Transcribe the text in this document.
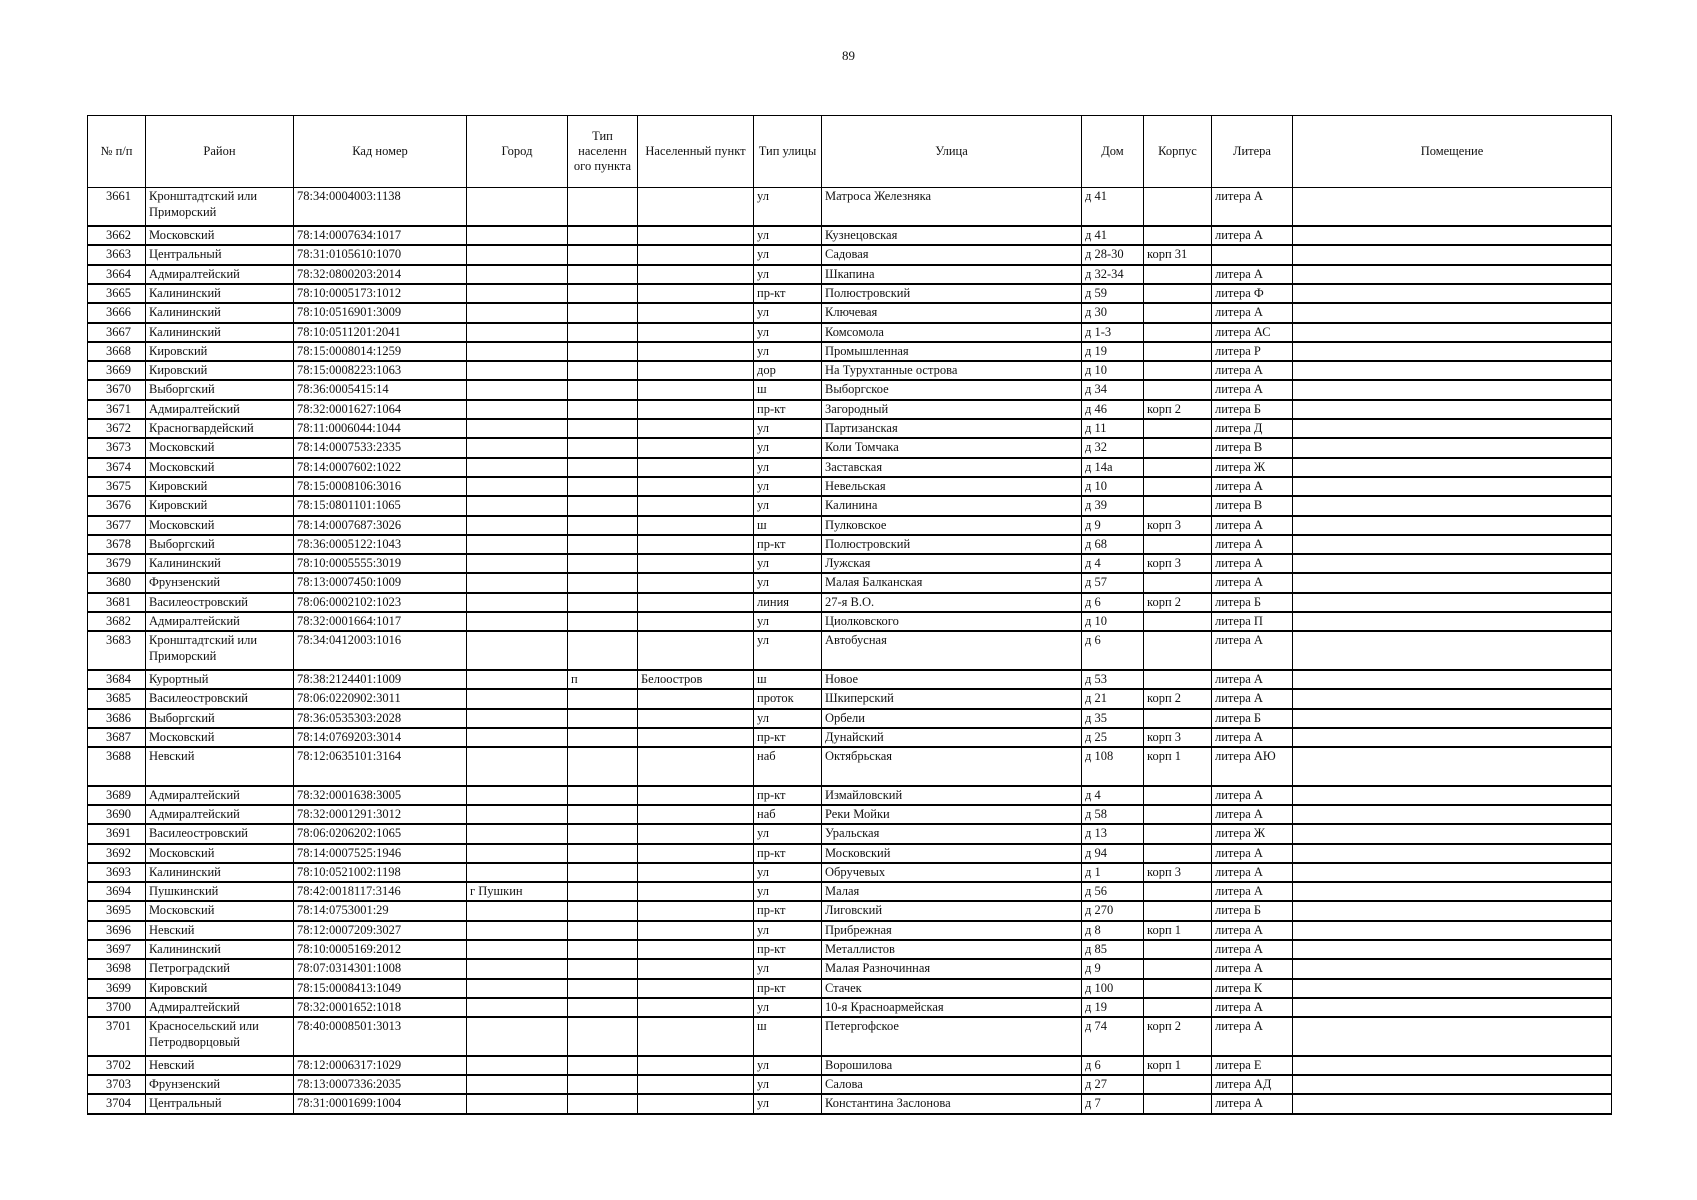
89
№ п/п	Район	Кад номер	Город	Тип населенн ого пункта	Населенный пункт	Тип улицы	Улица	Дом	Корпус	Литера	Помещение
3661	Кронштадтский или Приморский	78:34:0004003:1138				ул	Матроса Железняка	д 41		литера А	
3662	Московский	78:14:0007634:1017				ул	Кузнецовская	д 41		литера А	
3663	Центральный	78:31:0105610:1070				ул	Садовая	д 28-30	корп 31		
3664	Адмиралтейский	78:32:0800203:2014				ул	Шкапина	д 32-34		литера А	
3665	Калининский	78:10:0005173:1012				пр-кт	Полюстровский	д 59		литера Ф	
3666	Калининский	78:10:0516901:3009				ул	Ключевая	д 30		литера А	
3667	Калининский	78:10:0511201:2041				ул	Комсомола	д 1-3		литера АС	
3668	Кировский	78:15:0008014:1259				ул	Промышленная	д 19		литера Р	
3669	Кировский	78:15:0008223:1063				дор	На Турухтанные острова	д 10		литера А	
3670	Выборгский	78:36:0005415:14				ш	Выборгское	д 34		литера А	
3671	Адмиралтейский	78:32:0001627:1064				пр-кт	Загородный	д 46	корп 2	литера Б	
3672	Красногвардейский	78:11:0006044:1044				ул	Партизанская	д 11		литера Д	
3673	Московский	78:14:0007533:2335				ул	Коли Томчака	д 32		литера В	
3674	Московский	78:14:0007602:1022				ул	Заставская	д 14а		литера Ж	
3675	Кировский	78:15:0008106:3016				ул	Невельская	д 10		литера А	
3676	Кировский	78:15:0801101:1065				ул	Калинина	д 39		литера В	
3677	Московский	78:14:0007687:3026				ш	Пулковское	д 9	корп 3	литера А	
3678	Выборгский	78:36:0005122:1043				пр-кт	Полюстровский	д 68		литера А	
3679	Калининский	78:10:0005555:3019				ул	Лужская	д 4	корп 3	литера А	
3680	Фрунзенский	78:13:0007450:1009				ул	Малая Балканская	д 57		литера А	
3681	Василеостровский	78:06:0002102:1023				линия	27-я В.О.	д 6	корп 2	литера Б	
3682	Адмиралтейский	78:32:0001664:1017				ул	Циолковского	д 10		литера П	
3683	Кронштадтский или Приморский	78:34:0412003:1016				ул	Автобусная	д 6		литера А	
3684	Курортный	78:38:2124401:1009		п	Белоостров	ш	Новое	д 53		литера А	
3685	Василеостровский	78:06:0220902:3011				проток	Шкиперский	д 21	корп 2	литера А	
3686	Выборгский	78:36:0535303:2028				ул	Орбели	д 35		литера Б	
3687	Московский	78:14:0769203:3014				пр-кт	Дунайский	д 25	корп 3	литера А	
3688	Невский	78:12:0635101:3164				наб	Октябрьская	д 108	корп 1	литера АЮ	
3689	Адмиралтейский	78:32:0001638:3005				пр-кт	Измайловский	д 4		литера А	
3690	Адмиралтейский	78:32:0001291:3012				наб	Реки Мойки	д 58		литера А	
3691	Василеостровский	78:06:0206202:1065				ул	Уральская	д 13		литера Ж	
3692	Московский	78:14:0007525:1946				пр-кт	Московский	д 94		литера А	
3693	Калининский	78:10:0521002:1198				ул	Обручевых	д 1	корп 3	литера А	
3694	Пушкинский	78:42:0018117:3146	г Пушкин			ул	Малая	д 56		литера А	
3695	Московский	78:14:0753001:29				пр-кт	Лиговский	д 270		литера Б	
3696	Невский	78:12:0007209:3027				ул	Прибрежная	д 8	корп 1	литера А	
3697	Калининский	78:10:0005169:2012				пр-кт	Металлистов	д 85		литера А	
3698	Петроградский	78:07:0314301:1008				ул	Малая Разночинная	д 9		литера А	
3699	Кировский	78:15:0008413:1049				пр-кт	Стачек	д 100		литера К	
3700	Адмиралтейский	78:32:0001652:1018				ул	10-я Красноармейская	д 19		литера А	
3701	Красносельский или Петродворцовый	78:40:0008501:3013				ш	Петергофское	д 74	корп 2	литера А	
3702	Невский	78:12:0006317:1029				ул	Ворошилова	д 6	корп 1	литера Е	
3703	Фрунзенский	78:13:0007336:2035				ул	Салова	д 27		литера АД	
3704	Центральный	78:31:0001699:1004				ул	Константина Заслонова	д 7		литера А	
